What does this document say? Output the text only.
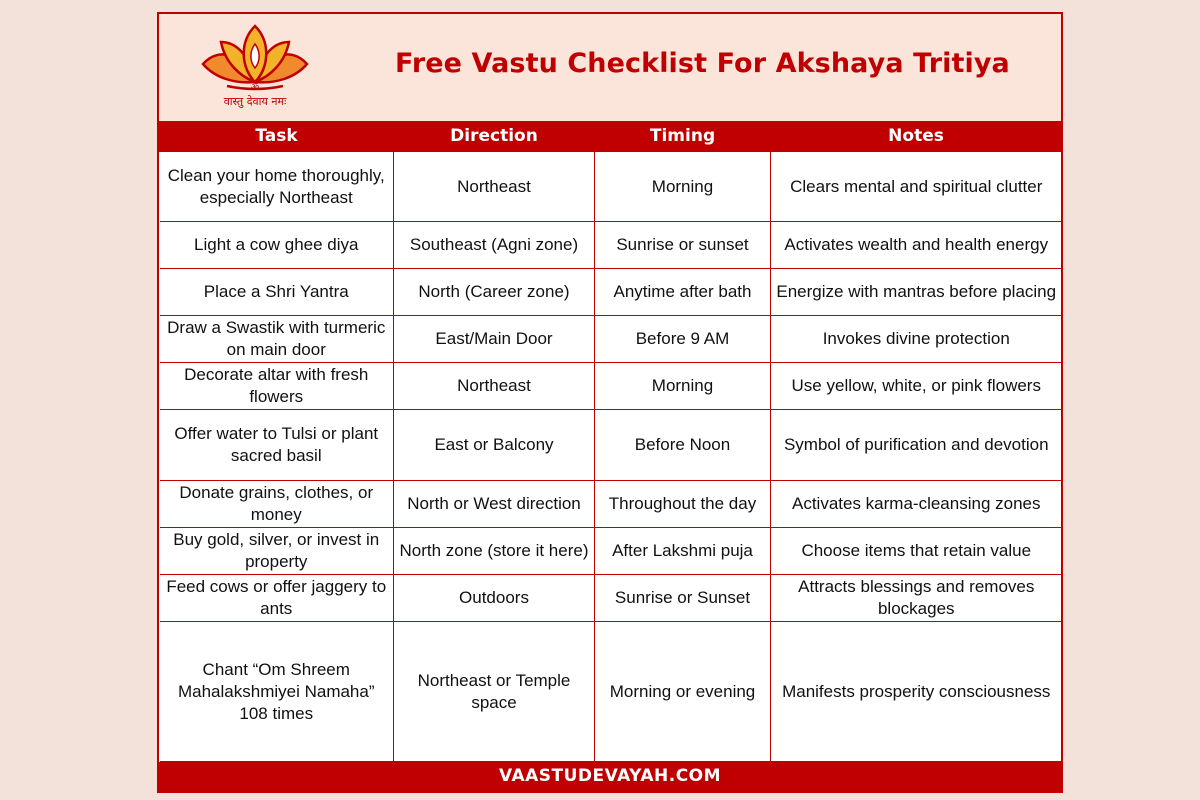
ॐ
वास्तु देवाय नमः
Free Vastu Checklist For Akshaya Tritiya
Task	Direction	Timing	Notes
Clean your home thoroughly, especially Northeast	Northeast	Morning	Clears mental and spiritual clutter
Light a cow ghee diya	Southeast (Agni zone)	Sunrise or sunset	Activates wealth and health energy
Place a Shri Yantra	North (Career zone)	Anytime after bath	Energize with mantras before placing
Draw a Swastik with turmeric on main door	East/Main Door	Before 9 AM	Invokes divine protection
Decorate altar with fresh flowers	Northeast	Morning	Use yellow, white, or pink flowers
Offer water to Tulsi or plant sacred basil	East or Balcony	Before Noon	Symbol of purification and devotion
Donate grains, clothes, or money	North or West direction	Throughout the day	Activates karma-cleansing zones
Buy gold, silver, or invest in property	North zone (store it here)	After Lakshmi puja	Choose items that retain value
Feed cows or offer jaggery to ants	Outdoors	Sunrise or Sunset	Attracts blessings and removes blockages
Chant “Om Shreem Mahalakshmiyei Namaha” 108 times	Northeast or Temple space	Morning or evening	Manifests prosperity consciousness
VAASTUDEVAYAH.COM
